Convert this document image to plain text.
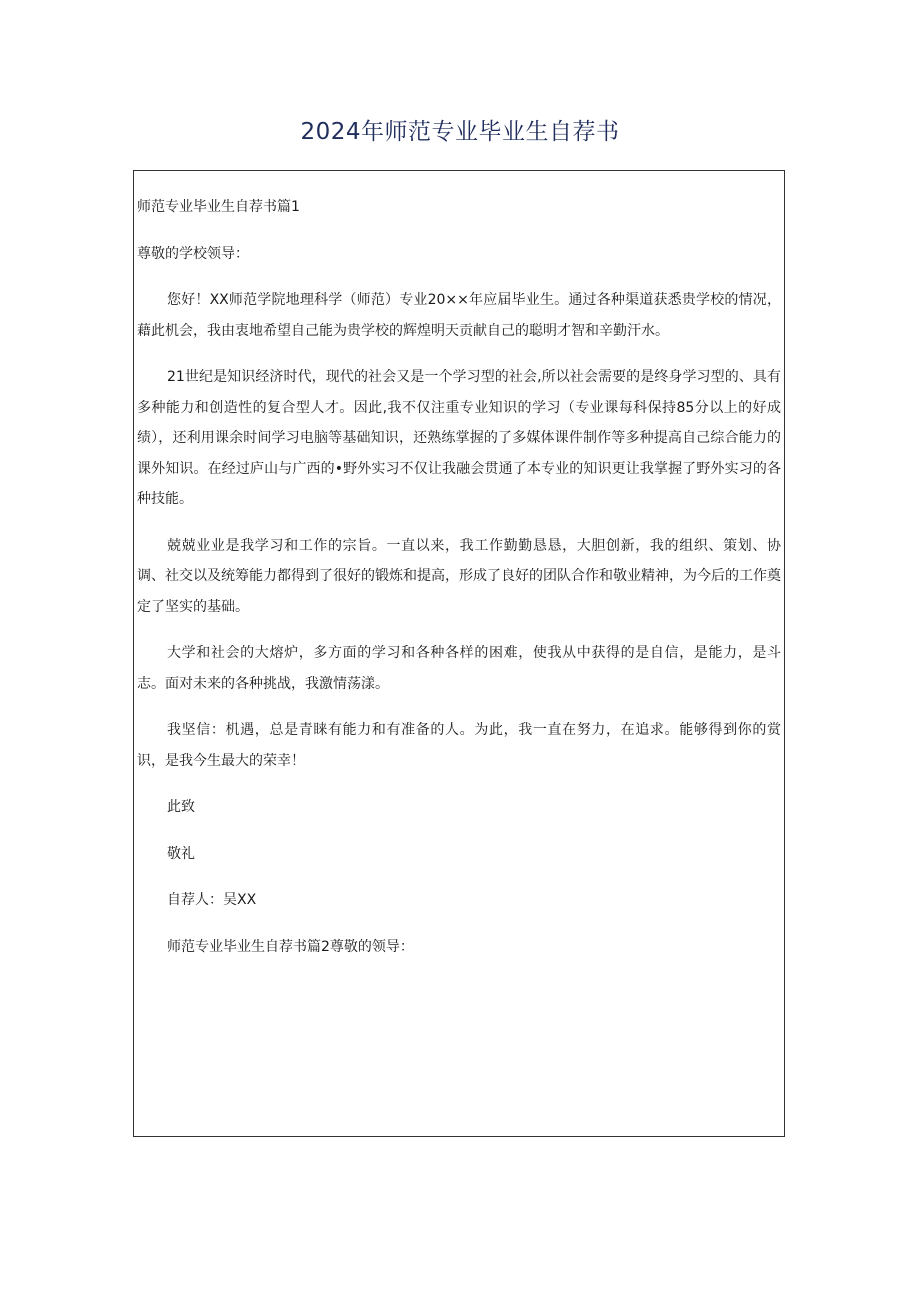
2024年师范专业毕业生自荐书

师范专业毕业生自荐书篇1

尊敬的学校领导：

您好！XX师范学院地理科学（师范）专业20××年应届毕业生。通过各种渠道获悉贵学校的情况，藉此机会，我由衷地希望自己能为贵学校的辉煌明天贡献自己的聪明才智和辛勤汗水。

21世纪是知识经济时代，现代的社会又是一个学习型的社会,所以社会需要的是终身学习型的、具有多种能力和创造性的复合型人才。因此,我不仅注重专业知识的学习（专业课每科保持85分以上的好成绩），还利用课余时间学习电脑等基础知识，还熟练掌握的了多媒体课件制作等多种提高自己综合能力的课外知识。在经过庐山与广西的•野外实习不仅让我融会贯通了本专业的知识更让我掌握了野外实习的各种技能。

兢兢业业是我学习和工作的宗旨。一直以来，我工作勤勤恳恳，大胆创新，我的组织、策划、协调、社交以及统筹能力都得到了很好的锻炼和提高，形成了良好的团队合作和敬业精神，为今后的工作奠定了坚实的基础。

大学和社会的大熔炉，多方面的学习和各种各样的困难，使我从中获得的是自信，是能力，是斗志。面对未来的各种挑战，我激情荡漾。

我坚信：机遇，总是青睐有能力和有准备的人。为此，我一直在努力，在追求。能够得到你的赏识，是我今生最大的荣幸！

此致

敬礼

自荐人：吴XX

师范专业毕业生自荐书篇2尊敬的领导：
